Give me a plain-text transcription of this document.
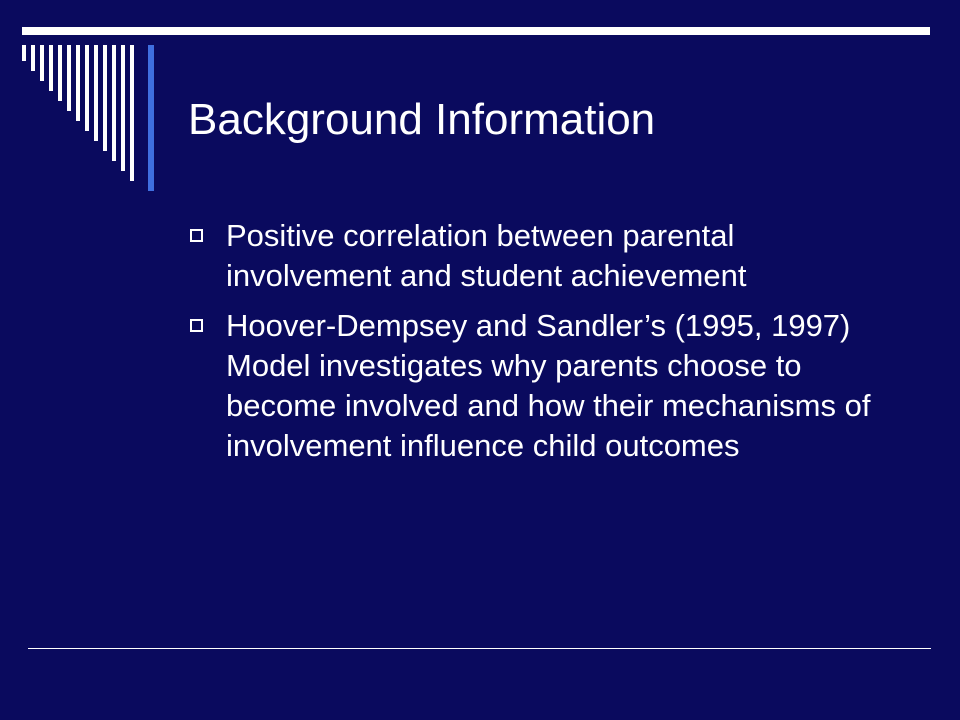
Background Information
Positive correlation between parental involvement and student achievement
Hoover-Dempsey and Sandler’s (1995, 1997) Model investigates why parents choose to become involved and how their mechanisms of involvement influence child outcomes
